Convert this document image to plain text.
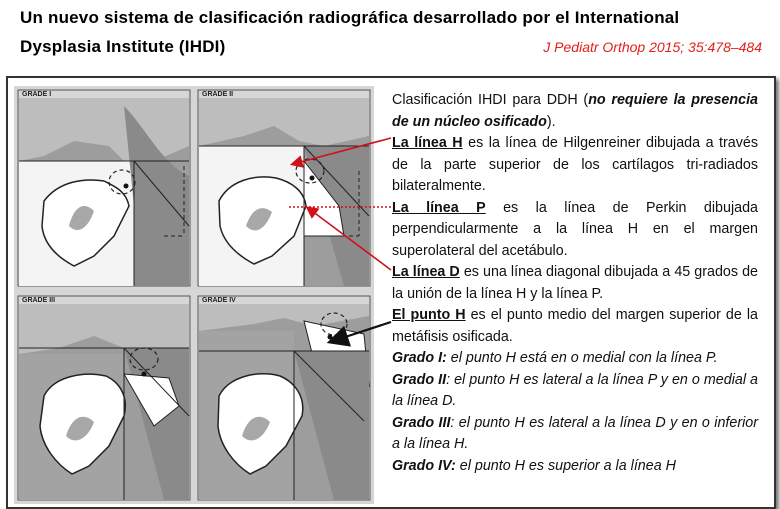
Un nuevo sistema de clasificación radiográfica desarrollado por el International
Dysplasia Institute (IHDI)	J Pediatr Orthop 2015; 35:478–484
GRADE I	GRADE II
GRADE III	GRADE IV

Clasificación IHDI para DDH (no requiere la presencia de un núcleo osificado).

La línea H es la línea de Hilgenreiner dibujada a través de la parte superior de los cartílagos tri-radiados bilateralmente.

La línea P es la línea de Perkin dibujada perpendicularmente a la línea H en el margen superolateral del acetábulo.

La línea D es una línea diagonal dibujada a 45 grados de la unión de la línea H y la línea P.

El punto H es el punto medio del margen superior de la metáfisis osificada.

Grado I: el punto H está en o medial con la línea P.

Grado II: el punto H es lateral a la línea P y en o medial a la línea D.

Grado III: el punto H es lateral a la línea D y en o inferior a la línea H.

Grado IV: el punto H es superior a la línea H
